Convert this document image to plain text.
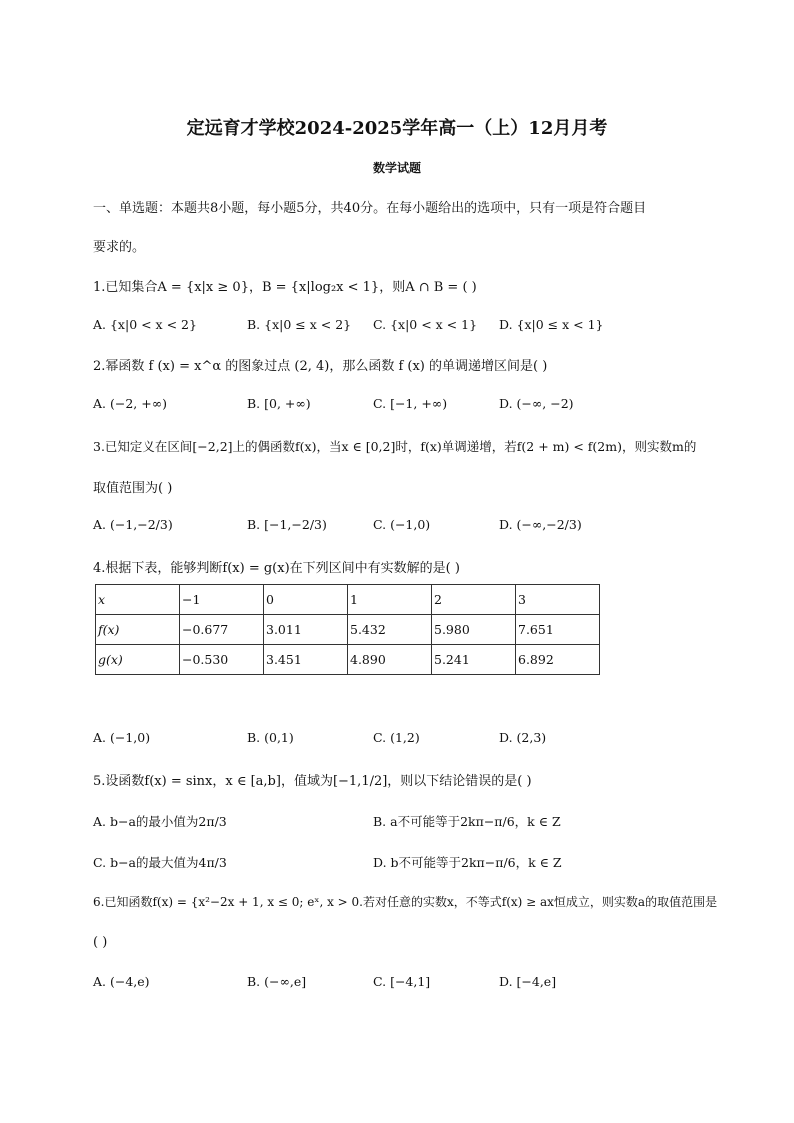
定远育才学校2024-2025学年高一（上）12月月考
数学试题
一、单选题：本题共8小题，每小题5分，共40分。在每小题给出的选项中，只有一项是符合题目
要求的。
1.已知集合A = {x|x ≥ 0}，B = {x|log₂x < 1}，则A ∩ B = ( )
A. {x|0 < x < 2}	B. {x|0 ≤ x < 2} C. {x|0 < x < 1} D. {x|0 ≤ x < 1}
2.幂函数 f (x) = x^α 的图象过点 (2, 4)，那么函数 f (x) 的单调递增区间是( )
A. (−2, +∞)	B. [0, +∞)	C. [−1, +∞)	D. (−∞, −2)
3.已知定义在区间[−2,2]上的偶函数f(x)，当x ∈ [0,2]时，f(x)单调递增，若f(2 + m) < f(2m)，则实数m的
取值范围为( )
A. (−1,−2/3)	B. [−1,−2/3)	C. (−1,0)	D. (−∞,−2/3)
4.根据下表，能够判断f(x) = g(x)在下列区间中有实数解的是( )
x	−1	0	1	2	3
f(x)	−0.677	3.011	5.432	5.980	7.651
g(x)	−0.530	3.451	4.890	5.241	6.892
A. (−1,0)	B. (0,1)	C. (1,2)	D. (2,3)
5.设函数f(x) = sinx，x ∈ [a,b]，值域为[−1,1/2]，则以下结论错误的是( )
A. b−a的最小值为2π/3	B. a不可能等于2kπ−π/6，k ∈ Z
C. b−a的最大值为4π/3	D. b不可能等于2kπ−π/6，k ∈ Z
6.已知函数f(x) = {x²−2x + 1, x ≤ 0; eˣ, x > 0.若对任意的实数x，不等式f(x) ≥ ax恒成立，则实数a的取值范围是
( )
A. (−4,e)	B. (−∞,e]	C. [−4,1]	D. [−4,e]
